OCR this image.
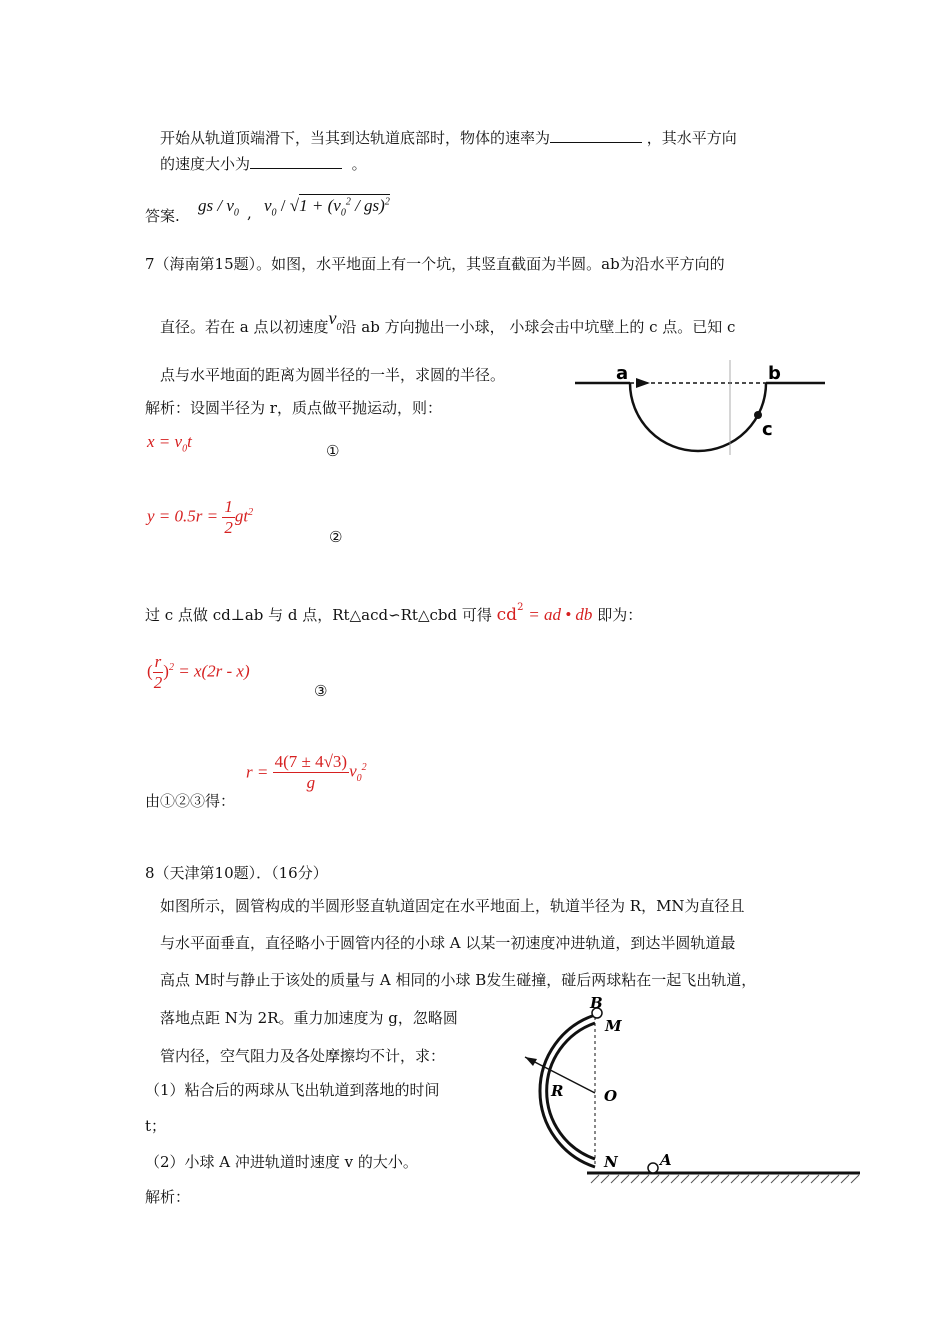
开始从轨道顶端滑下，当其到达轨道底部时，物体的速率为	，其水平方向
的速度大小为	。
答案.
gs / $v_0$ , $v_0 / √1 + (v_0^2 / gs)^2$
7（海南第15题）。如图，水平地面上有一个坑，其竖直截面为半圆。ab为沿水平方向的
直径。若在 a 点以初速度$v_0$沿 ab 方向抛出一小球， 小球会击中坑壁上的 c 点。已知 c
点与水平地面的距离为圆半径的一半，求圆的半径。
解析：设圆半径为 r，质点做平抛运动，则：
$x = v_0t$	①
$y = 0.5r = \frac{1}{2} gt^2$
②
过 c 点做 cd⊥ab 与 d 点，Rt△acd∽Rt△cbd 可得 $cd^2$ = ad • db 即为：
( $\frac{r}{2} )^2 = x(2r - x)$
③
由①②③得：
$r = \frac{4(7 \pm 4√3)}{g} v_0^2$
a	b
c
8（天津第10题）．（16分）
如图所示，圆管构成的半圆形竖直轨道固定在水平地面上，轨道半径为 R，MN为直径且
与水平面垂直，直径略小于圆管内径的小球 A 以某一初速度冲进轨道，到达半圆轨道最
高点 M时与静止于该处的质量与 A 相同的小球 B发生碰撞，碰后两球粘在一起飞出轨道，
落地点距 N为 2R。重力加速度为 g，忽略圆
管内径，空气阻力及各处摩擦均不计，求：
（1）粘合后的两球从飞出轨道到落地的时间
t；
（2）小球 A 冲进轨道时速度 v 的大小。
解析：
B
M
R	O
N	A
